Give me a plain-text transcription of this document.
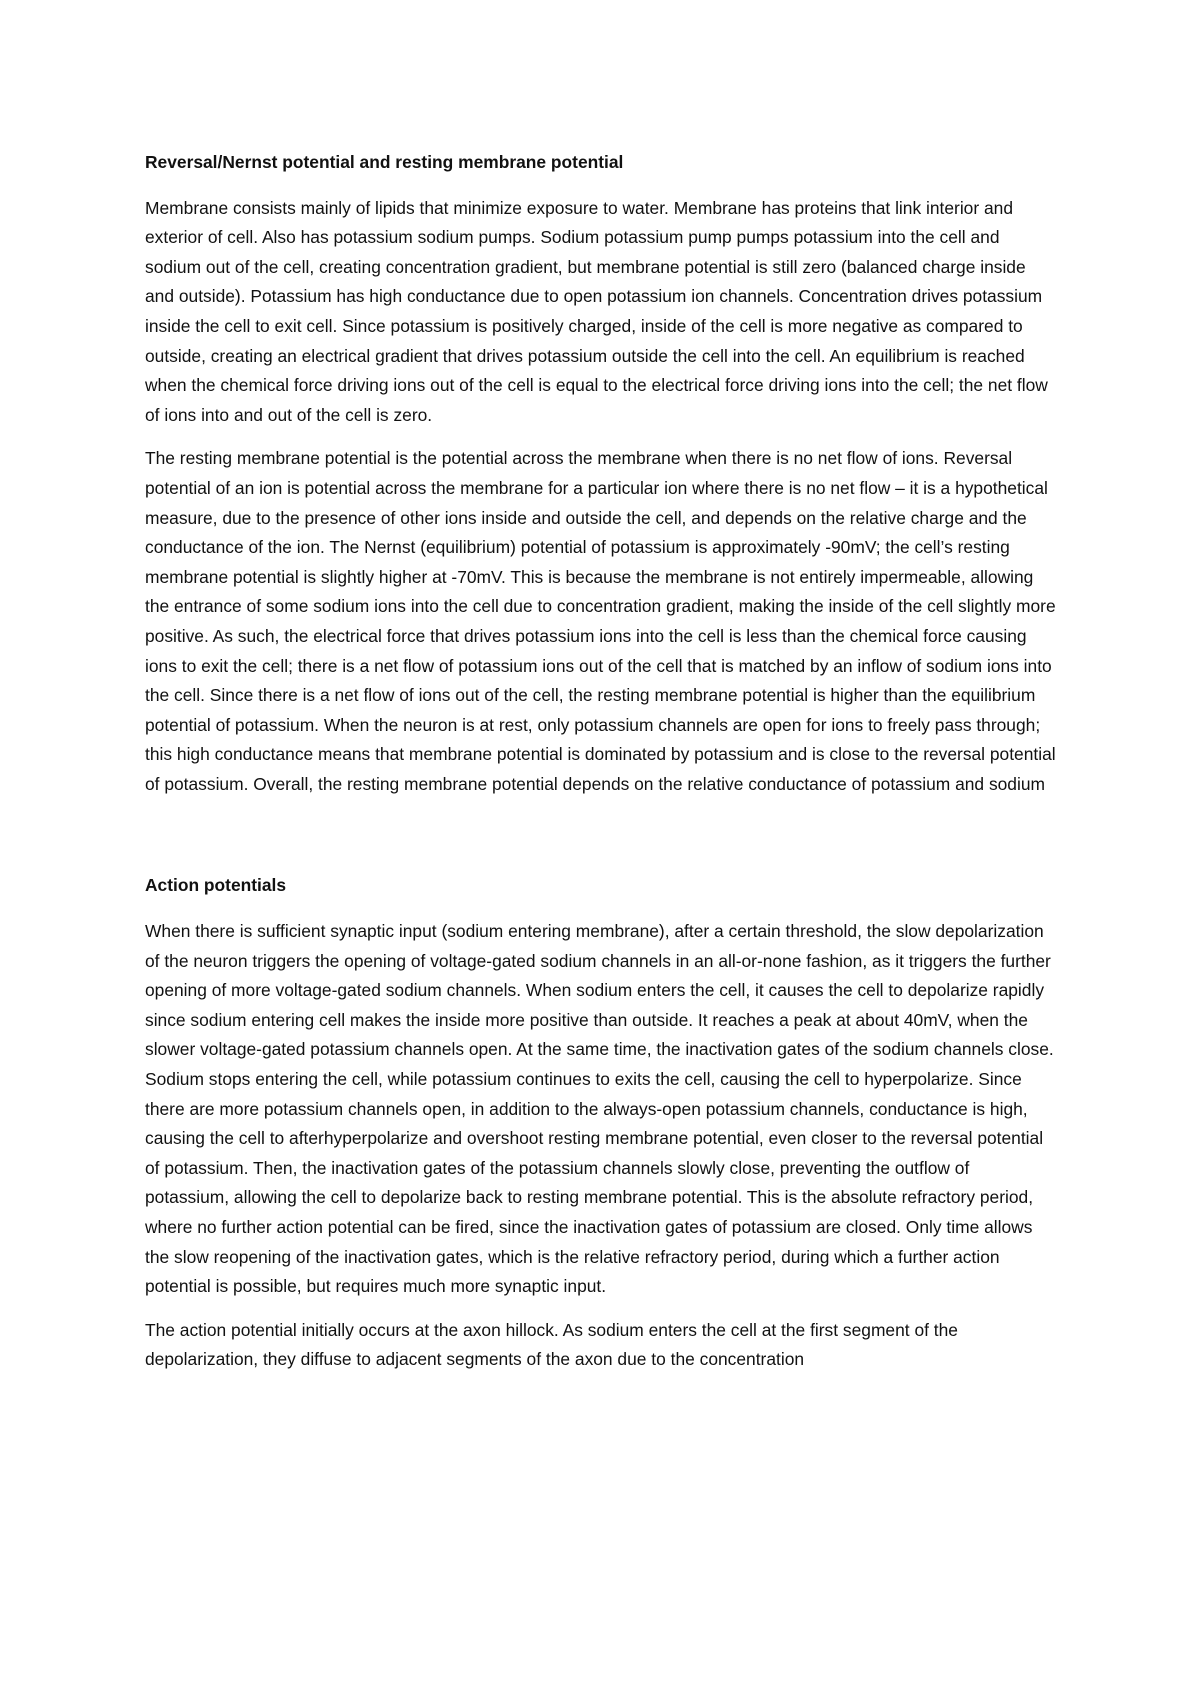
Reversal/Nernst potential and resting membrane potential

Membrane consists mainly of lipids that minimize exposure to water. Membrane has proteins that link interior and exterior of cell. Also has potassium sodium pumps. Sodium potassium pump pumps potassium into the cell and sodium out of the cell, creating concentration gradient, but membrane potential is still zero (balanced charge inside and outside). Potassium has high conductance due to open potassium ion channels. Concentration drives potassium inside the cell to exit cell. Since potassium is positively charged, inside of the cell is more negative as compared to outside, creating an electrical gradient that drives potassium outside the cell into the cell. An equilibrium is reached when the chemical force driving ions out of the cell is equal to the electrical force driving ions into the cell; the net flow of ions into and out of the cell is zero.

The resting membrane potential is the potential across the membrane when there is no net flow of ions. Reversal potential of an ion is potential across the membrane for a particular ion where there is no net flow – it is a hypothetical measure, due to the presence of other ions inside and outside the cell, and depends on the relative charge and the conductance of the ion. The Nernst (equilibrium) potential of potassium is approximately -90mV; the cell’s resting membrane potential is slightly higher at -70mV. This is because the membrane is not entirely impermeable, allowing the entrance of some sodium ions into the cell due to concentration gradient, making the inside of the cell slightly more positive. As such, the electrical force that drives potassium ions into the cell is less than the chemical force causing ions to exit the cell; there is a net flow of potassium ions out of the cell that is matched by an inflow of sodium ions into the cell. Since there is a net flow of ions out of the cell, the resting membrane potential is higher than the equilibrium potential of potassium. When the neuron is at rest, only potassium channels are open for ions to freely pass through; this high conductance means that membrane potential is dominated by potassium and is close to the reversal potential of potassium. Overall, the resting membrane potential depends on the relative conductance of potassium and sodium

Action potentials

When there is sufficient synaptic input (sodium entering membrane), after a certain threshold, the slow depolarization of the neuron triggers the opening of voltage-gated sodium channels in an all-or-none fashion, as it triggers the further opening of more voltage-gated sodium channels. When sodium enters the cell, it causes the cell to depolarize rapidly since sodium entering cell makes the inside more positive than outside. It reaches a peak at about 40mV, when the slower voltage-gated potassium channels open. At the same time, the inactivation gates of the sodium channels close. Sodium stops entering the cell, while potassium continues to exits the cell, causing the cell to hyperpolarize. Since there are more potassium channels open, in addition to the always-open potassium channels, conductance is high, causing the cell to afterhyperpolarize and overshoot resting membrane potential, even closer to the reversal potential of potassium. Then, the inactivation gates of the potassium channels slowly close, preventing the outflow of potassium, allowing the cell to depolarize back to resting membrane potential. This is the absolute refractory period, where no further action potential can be fired, since the inactivation gates of potassium are closed. Only time allows the slow reopening of the inactivation gates, which is the relative refractory period, during which a further action potential is possible, but requires much more synaptic input.

The action potential initially occurs at the axon hillock. As sodium enters the cell at the first segment of the depolarization, they diffuse to adjacent segments of the axon due to the concentration
